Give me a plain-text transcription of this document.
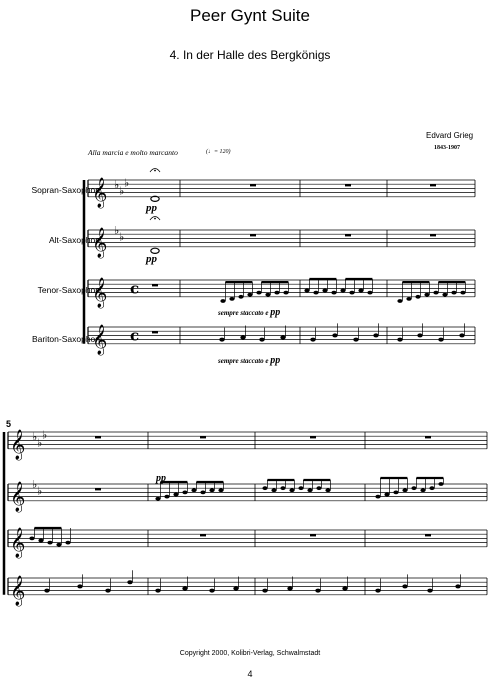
Peer Gynt Suite
4. In der Halle des Bergkönigs
Edvard Grieg
1843-1907
Alla marcia e molto marcanto	(♩= 120)
Sopran-Saxophon
Alt-Saxophon
Tenor-Saxophon
Bariton-Saxophon
pp
pp
sempre staccato e pp
sempre staccato e pp
pp
5
Copyright 2000, Kolibri-Verlag, Schwalmstadt
4
𝄞
𝄞
𝄞
𝄞
𝄞
𝄞
𝄞
𝄞
♭ ♭
♭
♭ ♭
♭ ♭
♭
♭ ♭
c
c
